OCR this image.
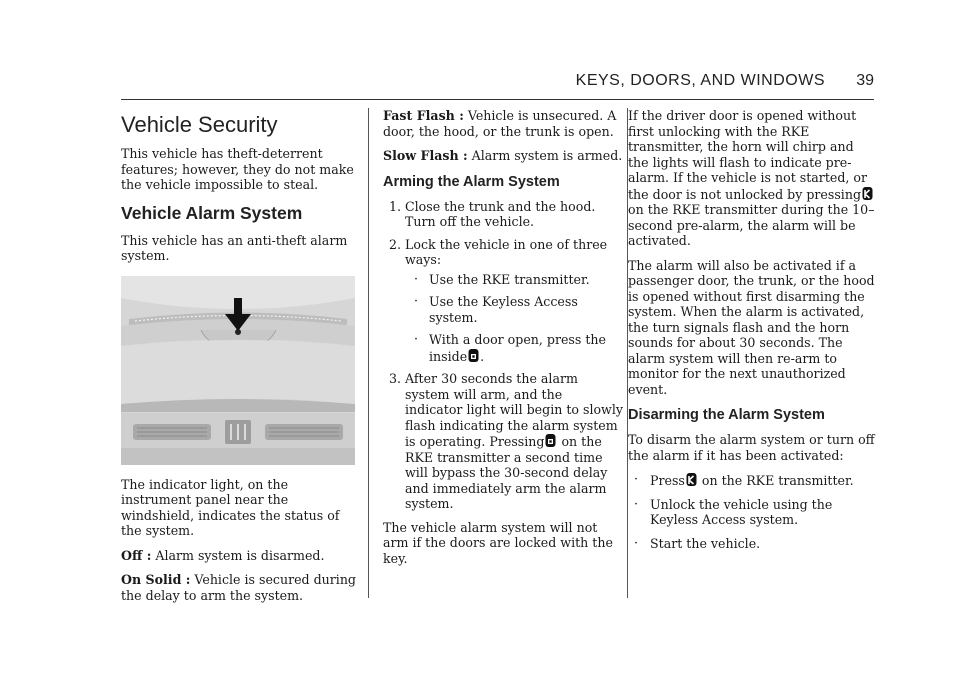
KEYS, DOORS, AND WINDOWS 39
Vehicle Security

This vehicle has theft-deterrent features; however, they do not make the vehicle impossible to steal.

Vehicle Alarm System

This vehicle has an anti-theft alarm system.

The indicator light, on the instrument panel near the windshield, indicates the status of the system.

Off : Alarm system is disarmed.

On Solid : Vehicle is secured during the delay to arm the system.

Fast Flash : Vehicle is unsecured. A door, the hood, or the trunk is open.

Slow Flash : Alarm system is armed.

Arming the Alarm System
1. Close the trunk and the hood. Turn off the vehicle.
2. Lock the vehicle in one of three ways:
· Use the RKE transmitter.
· Use the Keyless Access system.
· With a door open, press the inside .
3. After 30 seconds the alarm system will arm, and the indicator light will begin to slowly flash indicating the alarm system is operating. Pressing on the RKE transmitter a second time will bypass the 30-second delay and immediately arm the alarm system.

The vehicle alarm system will not arm if the doors are locked with the key.

If the driver door is opened without first unlocking with the RKE transmitter, the horn will chirp and the lights will flash to indicate pre-alarm. If the vehicle is not started, or the door is not unlocked by pressing on the RKE transmitter during the 10–second pre-alarm, the alarm will be activated.

The alarm will also be activated if a passenger door, the trunk, or the hood is opened without first disarming the system. When the alarm is activated, the turn signals flash and the horn sounds for about 30 seconds. The alarm system will then re-arm to monitor for the next unauthorized event.

Disarming the Alarm System

To disarm the alarm system or turn off the alarm if it has been activated:

· Press on the RKE transmitter.
· Unlock the vehicle using the Keyless Access system.
· Start the vehicle.
